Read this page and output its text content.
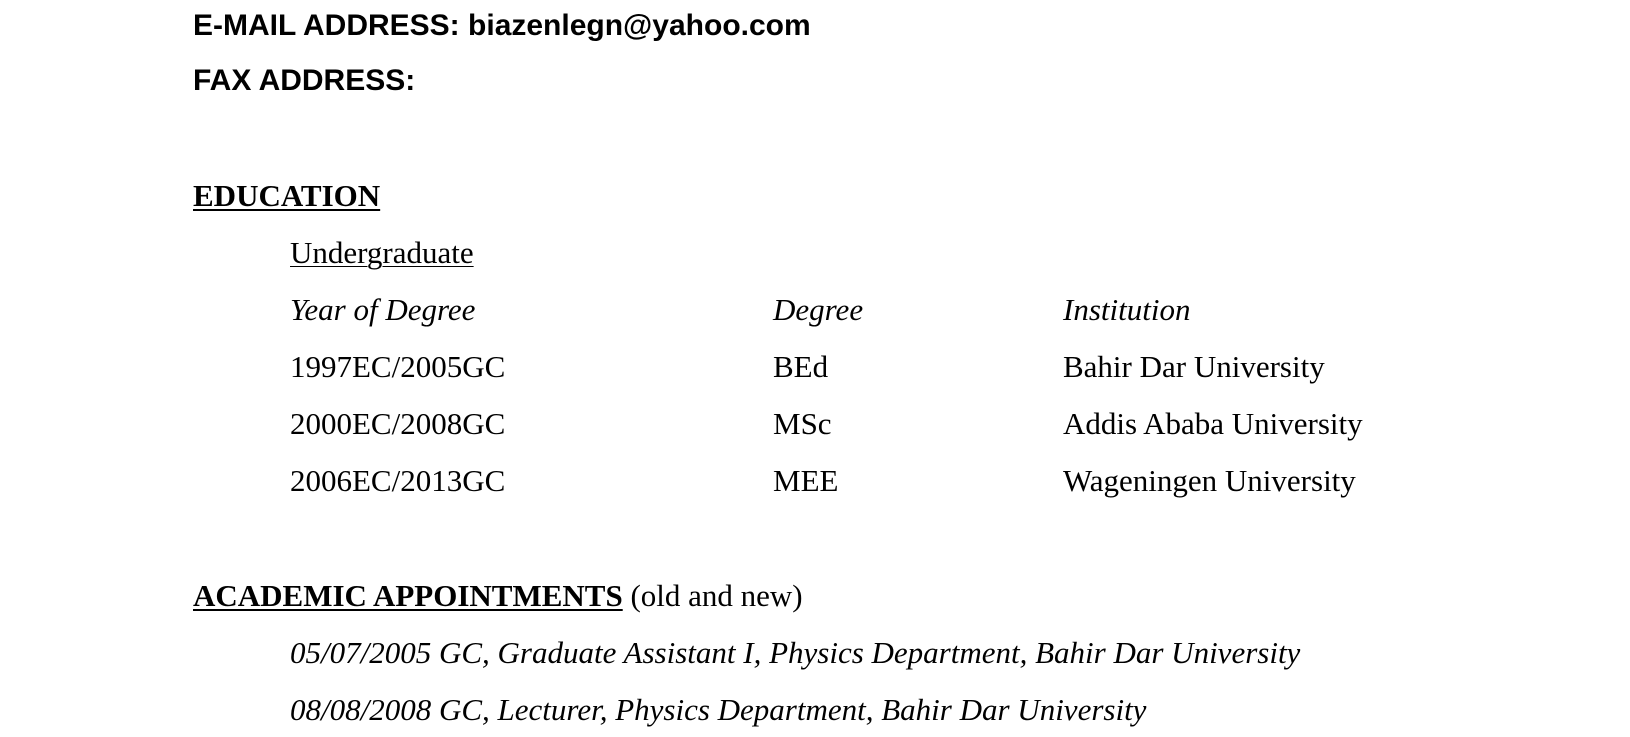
E-MAIL ADDRESS: biazenlegn@yahoo.com
FAX ADDRESS:
EDUCATION
Undergraduate
Year of Degree	Degree	Institution
1997EC/2005GC	BEd	Bahir Dar University
2000EC/2008GC	MSc	Addis Ababa University
2006EC/2013GC	MEE	Wageningen University
ACADEMIC APPOINTMENTS (old and new)
05/07/2005 GC, Graduate Assistant I, Physics Department, Bahir Dar University
08/08/2008 GC, Lecturer, Physics Department, Bahir Dar University
